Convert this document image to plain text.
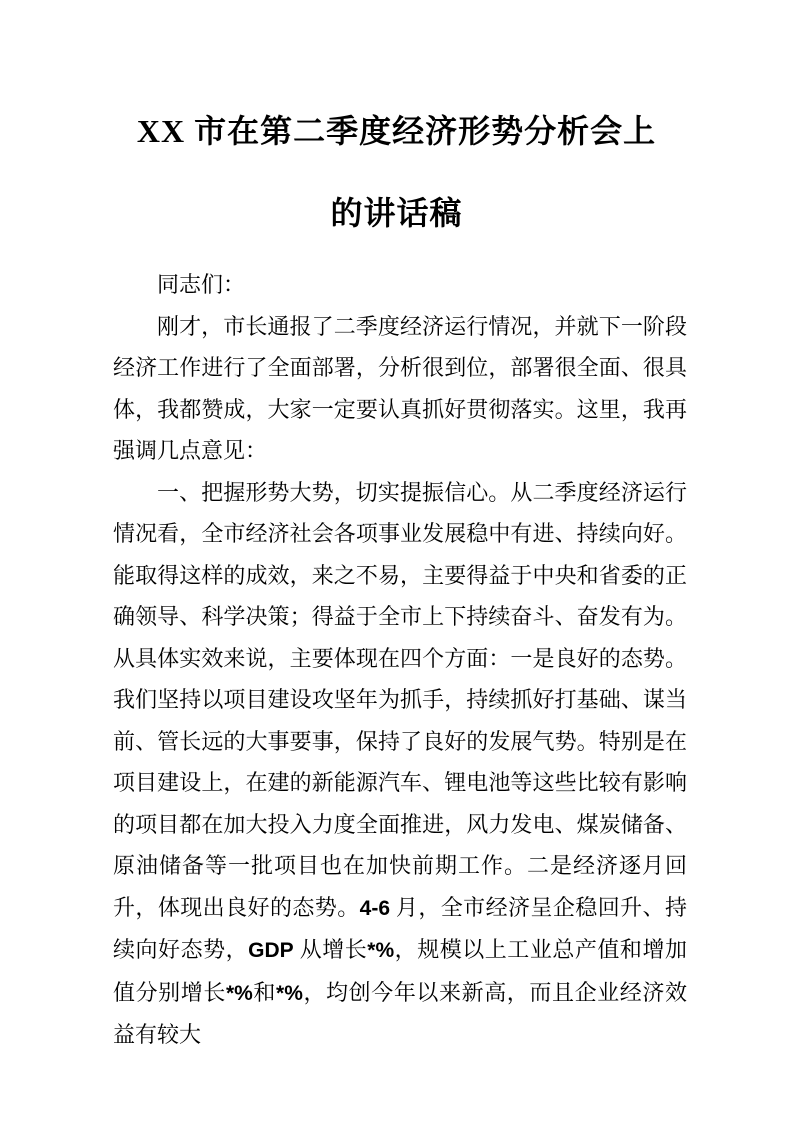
XX 市在第二季度经济形势分析会上
的讲话稿

同志们：

刚才，市长通报了二季度经济运行情况，并就下一阶段经济工作进行了全面部署，分析很到位，部署很全面、很具体，我都赞成，大家一定要认真抓好贯彻落实。这里，我再强调几点意见：

一、把握形势大势，切实提振信心。从二季度经济运行情况看，全市经济社会各项事业发展稳中有进、持续向好。能取得这样的成效，来之不易，主要得益于中央和省委的正确领导、科学决策；得益于全市上下持续奋斗、奋发有为。从具体实效来说，主要体现在四个方面：一是良好的态势。我们坚持以项目建设攻坚年为抓手，持续抓好打基础、谋当前、管长远的大事要事，保持了良好的发展气势。特别是在项目建设上，在建的新能源汽车、锂电池等这些比较有影响的项目都在加大投入力度全面推进，风力发电、煤炭储备、原油储备等一批项目也在加快前期工作。二是经济逐月回升，体现出良好的态势。4-6 月，全市经济呈企稳回升、持续向好态势，GDP 从增长*%，规模以上工业总产值和增加值分别增长*%和*%，均创今年以来新高，而且企业经济效益有较大
